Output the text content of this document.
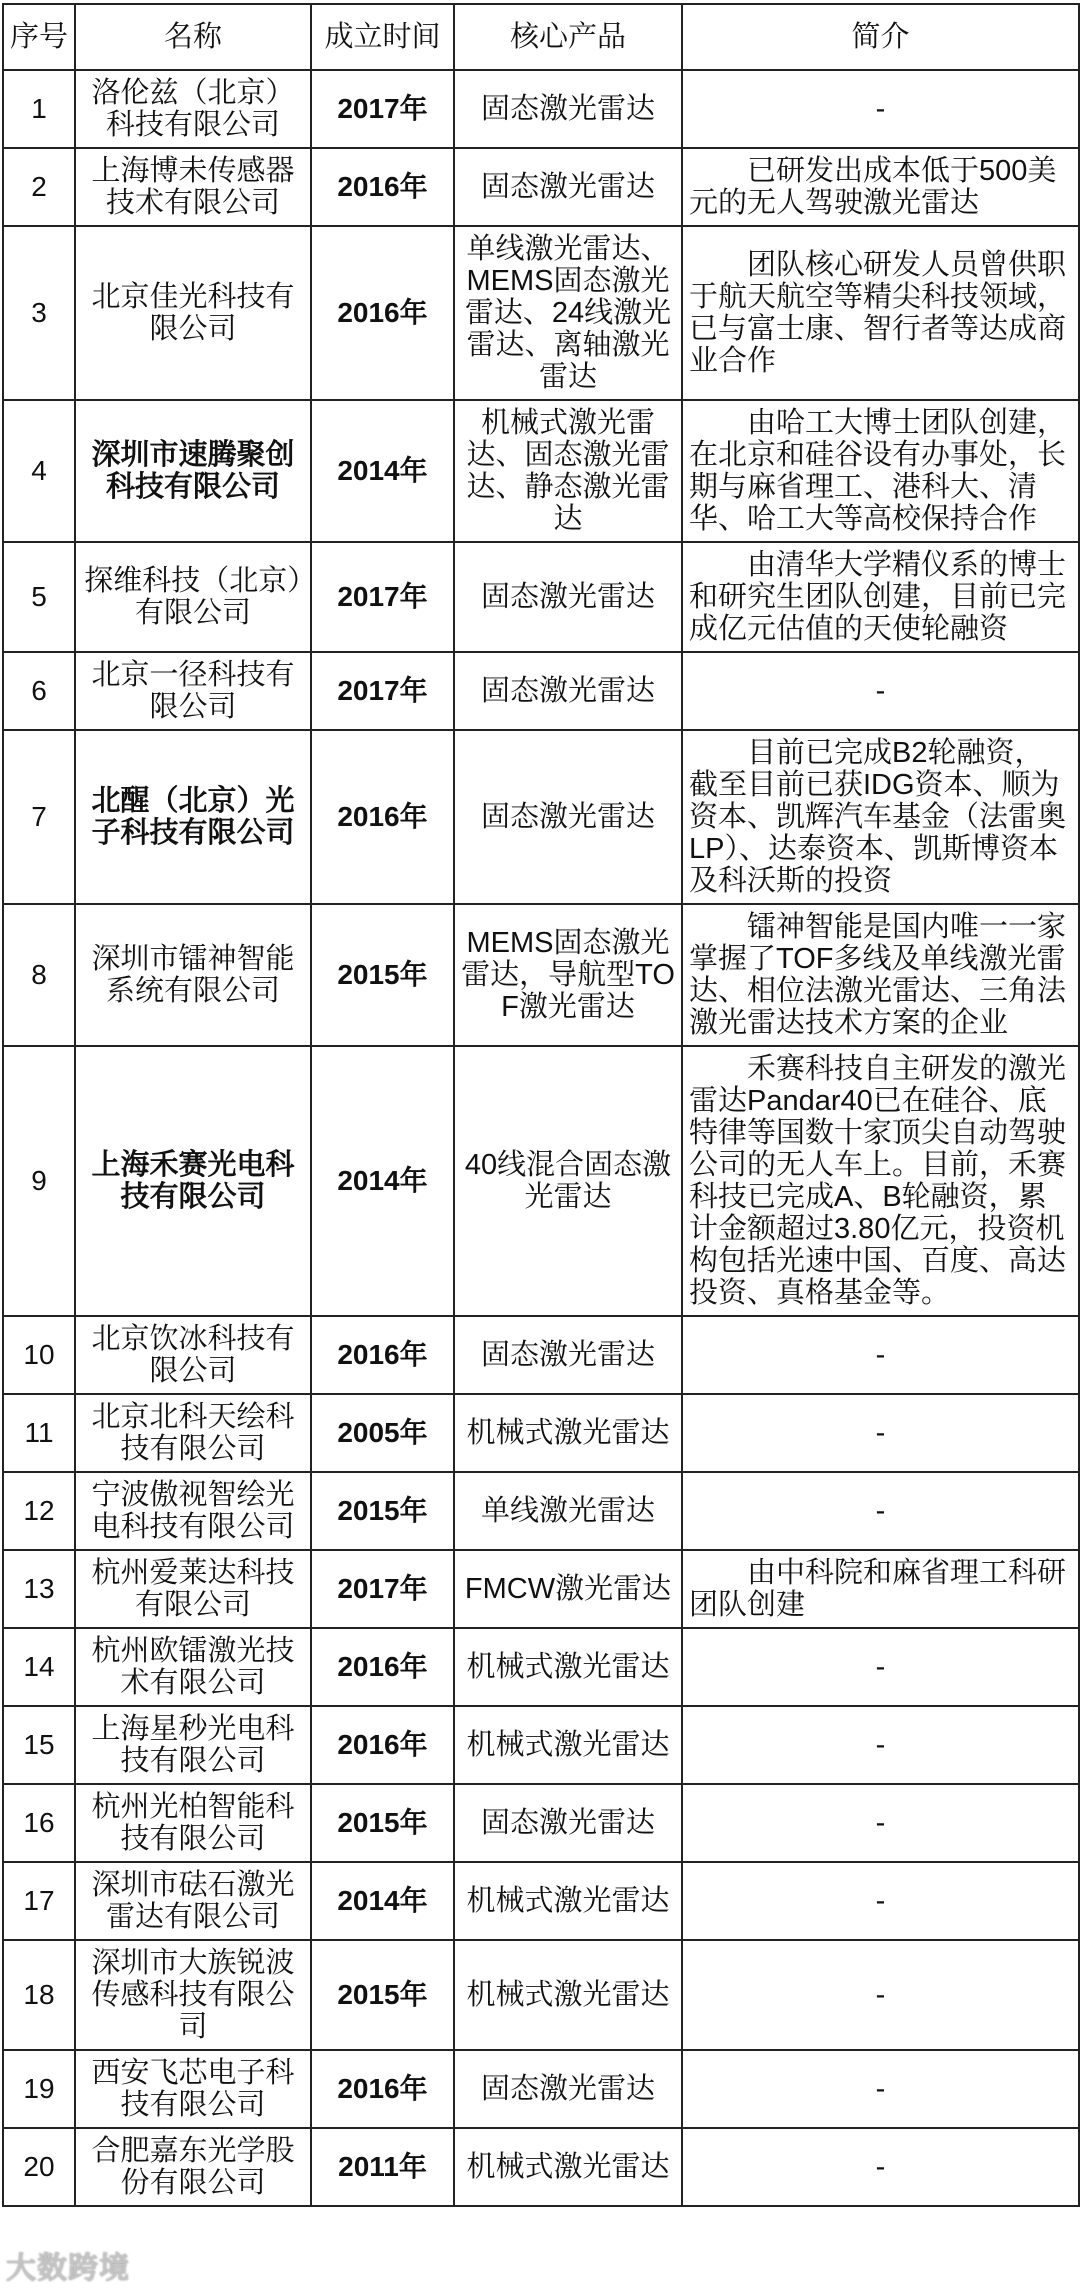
序号	名称	成立时间	核心产品	简介
1	洛伦兹（北京）科技有限公司	2017年	固态激光雷达	-
2	上海博未传感器技术有限公司	2016年	固态激光雷达	已研发出成本低于500美元的无人驾驶激光雷达
3	北京佳光科技有限公司	2016年	单线激光雷达、MEMS固态激光雷达、24线激光雷达、离轴激光雷达	团队核心研发人员曾供职于航天航空等精尖科技领域，已与富士康、智行者等达成商业合作
4	深圳市速腾聚创科技有限公司	2014年	机械式激光雷达、固态激光雷达、静态激光雷达	由哈工大博士团队创建，在北京和硅谷设有办事处，长期与麻省理工、港科大、清华、哈工大等高校保持合作
5	探维科技（北京）有限公司	2017年	固态激光雷达	由清华大学精仪系的博士和研究生团队创建，目前已完成亿元估值的天使轮融资
6	北京一径科技有限公司	2017年	固态激光雷达	-
7	北醒（北京）光子科技有限公司	2016年	固态激光雷达	目前已完成B2轮融资，截至目前已获IDG资本、顺为资本、凯辉汽车基金（法雷奥LP）、达泰资本、凯斯博资本及科沃斯的投资
8	深圳市镭神智能系统有限公司	2015年	MEMS固态激光雷达，导航型TOF激光雷达	镭神智能是国内唯一一家掌握了TOF多线及单线激光雷达、相位法激光雷达、三角法激光雷达技术方案的企业
9	上海禾赛光电科技有限公司	2014年	40线混合固态激光雷达	禾赛科技自主研发的激光雷达Pandar40已在硅谷、底特律等国数十家顶尖自动驾驶公司的无人车上。目前，禾赛科技已完成A、B轮融资，累计金额超过3.80亿元，投资机构包括光速中国、百度、高达投资、真格基金等。
10	北京饮冰科技有限公司	2016年	固态激光雷达	-
11	北京北科天绘科技有限公司	2005年	机械式激光雷达	-
12	宁波傲视智绘光电科技有限公司	2015年	单线激光雷达	-
13	杭州爱莱达科技有限公司	2017年	FMCW激光雷达	由中科院和麻省理工科研团队创建
14	杭州欧镭激光技术有限公司	2016年	机械式激光雷达	-
15	上海星秒光电科技有限公司	2016年	机械式激光雷达	-
16	杭州光柏智能科技有限公司	2015年	固态激光雷达	-
17	深圳市砝石激光雷达有限公司	2014年	机械式激光雷达	-
18	深圳市大族锐波传感科技有限公司	2015年	机械式激光雷达	-
19	西安飞芯电子科技有限公司	2016年	固态激光雷达	-
20	合肥嘉东光学股份有限公司	2011年	机械式激光雷达	-
大数跨境
